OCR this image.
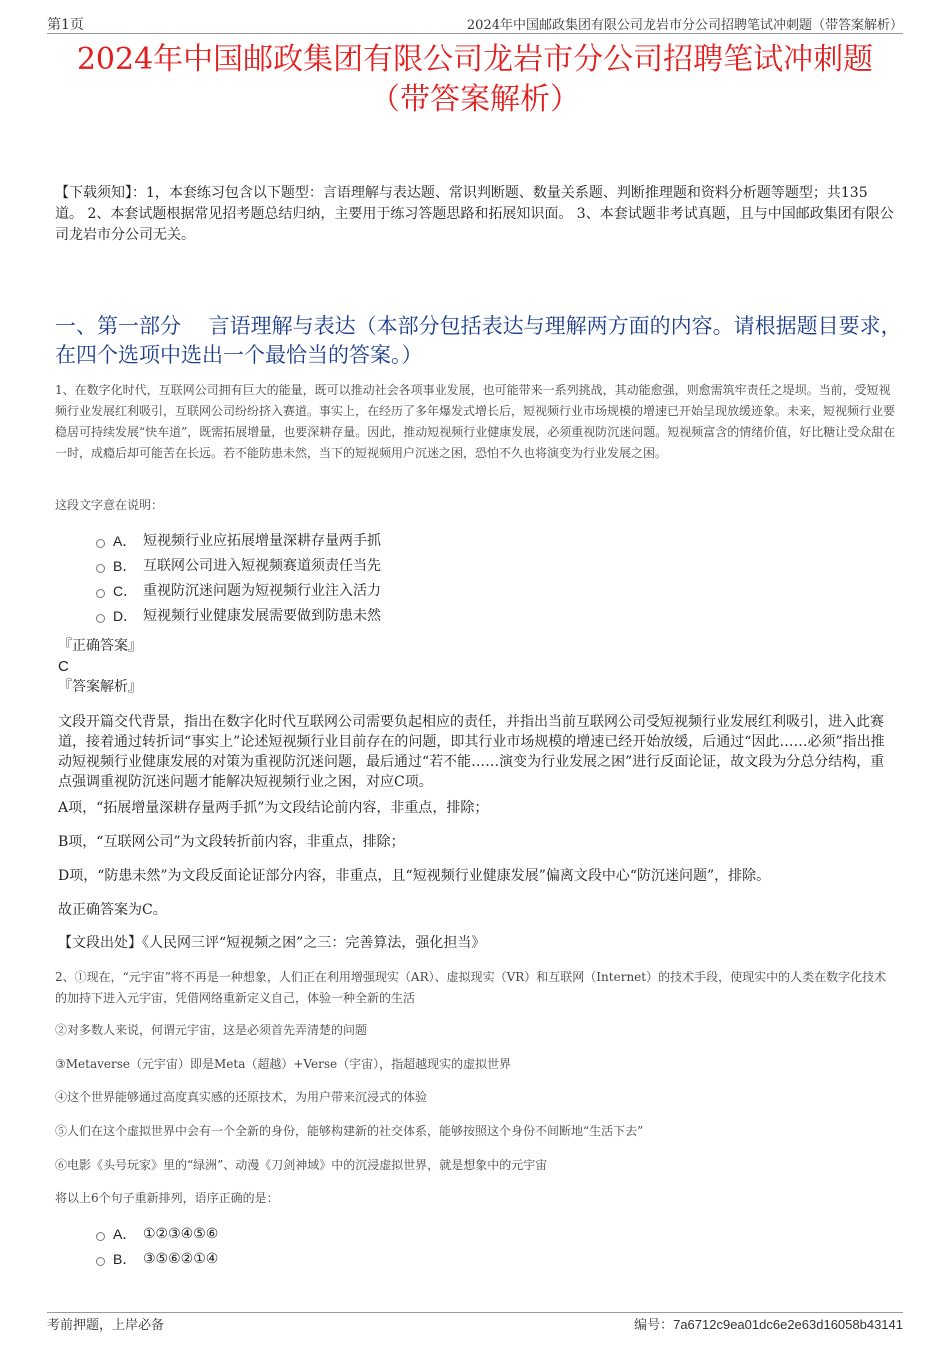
第1页	2024年中国邮政集团有限公司龙岩市分公司招聘笔试冲刺题（带答案解析）
2024年中国邮政集团有限公司龙岩市分公司招聘笔试冲刺题
（带答案解析）
【下载须知】：1，本套练习包含以下题型：言语理解与表达题、常识判断题、数量关系题、判断推理题和资料分析题等题型；共135道。 2、本套试题根据常见招考题总结归纳，主要用于练习答题思路和拓展知识面。 3、本套试题非考试真题，且与中国邮政集团有限公司龙岩市分公司无关。
一、第一部分　 言语理解与表达（本部分包括表达与理解两方面的内容。请根据题目要求，在四个选项中选出一个最恰当的答案。）
1、在数字化时代，互联网公司拥有巨大的能量，既可以推动社会各项事业发展，也可能带来一系列挑战，其动能愈强，则愈需筑牢责任之堤坝。当前，受短视频行业发展红利吸引，互联网公司纷纷挤入赛道。事实上，在经历了多年爆发式增长后，短视频行业市场规模的增速已开始呈现放缓迹象。未来，短视频行业要稳居可持续发展“快车道”，既需拓展增量，也要深耕存量。因此，推动短视频行业健康发展，必须重视防沉迷问题。短视频富含的情绪价值，好比糖让受众甜在一时，成瘾后却可能苦在长远。若不能防患未然，当下的短视频用户沉迷之困，恐怕不久也将演变为行业发展之困。
这段文字意在说明：
A． 短视频行业应拓展增量深耕存量两手抓
B． 互联网公司进入短视频赛道须责任当先
C． 重视防沉迷问题为短视频行业注入活力
D． 短视频行业健康发展需要做到防患未然
『正确答案』
C
『答案解析』
文段开篇交代背景，指出在数字化时代互联网公司需要负起相应的责任，并指出当前互联网公司受短视频行业发展红利吸引，进入此赛道，接着通过转折词“事实上”论述短视频行业目前存在的问题，即其行业市场规模的增速已经开始放缓，后通过“因此……必须”指出推动短视频行业健康发展的对策为重视防沉迷问题，最后通过“若不能……演变为行业发展之困”进行反面论证，故文段为分总分结构，重点强调重视防沉迷问题才能解决短视频行业之困，对应C项。
A项，“拓展增量深耕存量两手抓”为文段结论前内容，非重点，排除；
B项，“互联网公司”为文段转折前内容，非重点，排除；
D项，“防患未然”为文段反面论证部分内容，非重点，且“短视频行业健康发展”偏离文段中心“防沉迷问题”，排除。
故正确答案为C。
【文段出处】《人民网三评“短视频之困”之三：完善算法，强化担当》
2、①现在，“元宇宙”将不再是一种想象，人们正在利用增强现实（AR）、虚拟现实（VR）和互联网（Internet）的技术手段，使现实中的人类在数字化技术的加持下进入元宇宙，凭借网络重新定义自己，体验一种全新的生活
②对多数人来说，何谓元宇宙，这是必须首先弄清楚的问题
③Metaverse（元宇宙）即是Meta（超越）+Verse（宇宙），指超越现实的虚拟世界
④这个世界能够通过高度真实感的还原技术，为用户带来沉浸式的体验
⑤人们在这个虚拟世界中会有一个全新的身份，能够构建新的社交体系，能够按照这个身份不间断地“生活下去”
⑥电影《头号玩家》里的“绿洲”、动漫《刀剑神域》中的沉浸虚拟世界，就是想象中的元宇宙
将以上6个句子重新排列，语序正确的是：
A． ①②③④⑤⑥
B． ③⑤⑥②①④
考前押题，上岸必备	编号：7a6712c9ea01dc6e2e63d16058b43141
